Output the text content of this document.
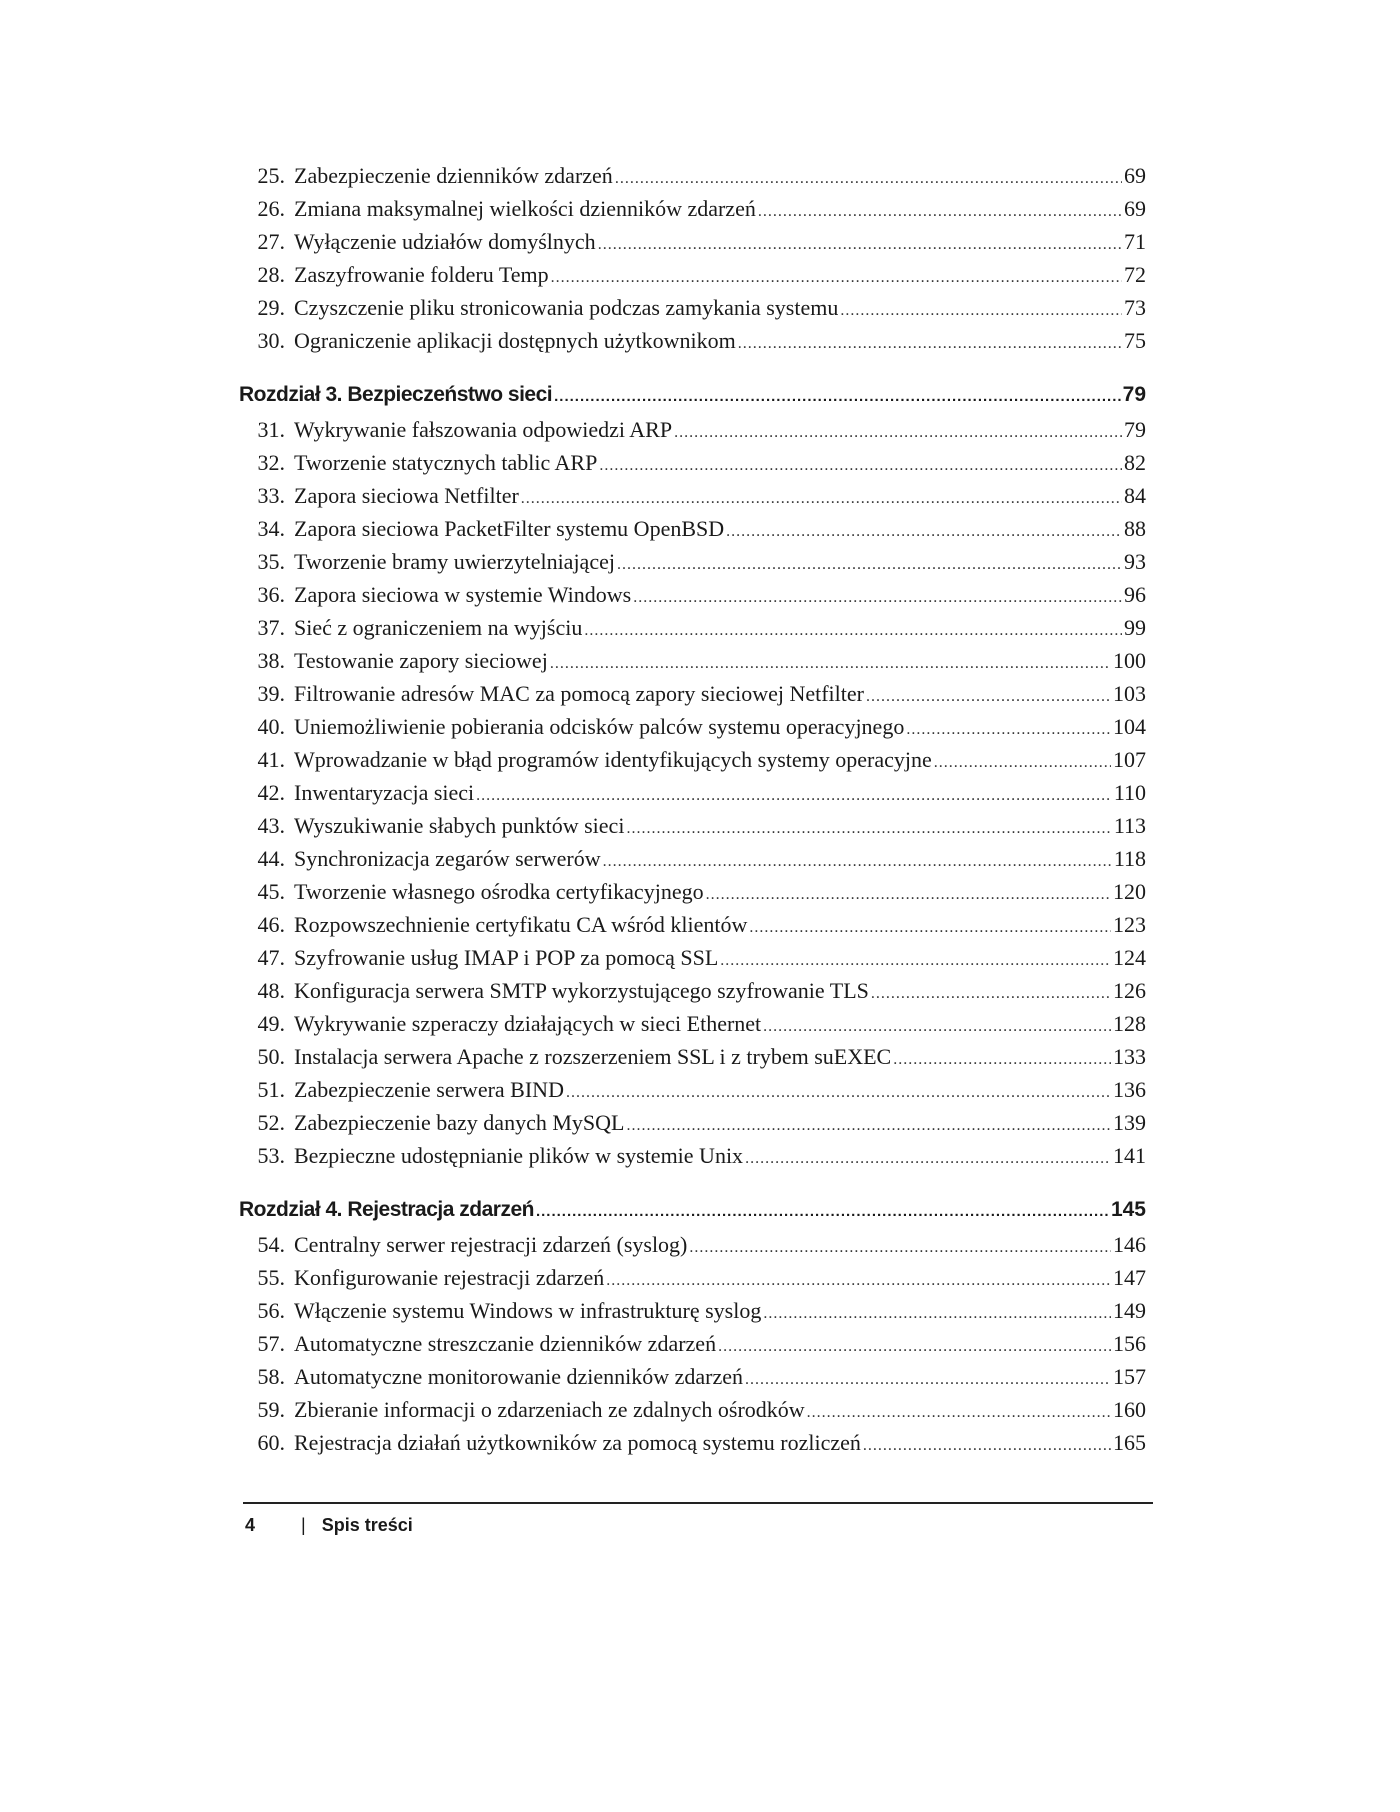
25. Zabezpieczenie dzienników zdarzeń .....	69
26. Zmiana maksymalnej wielkości dzienników zdarzeń .....	69
27. Wyłączenie udziałów domyślnych .....	71
28. Zaszyfrowanie folderu Temp .....	72
29. Czyszczenie pliku stronicowania podczas zamykania systemu .....	73
30. Ograniczenie aplikacji dostępnych użytkownikom .....	75
Rozdział 3. Bezpieczeństwo sieci .....	79
31. Wykrywanie fałszowania odpowiedzi ARP .....	79
32. Tworzenie statycznych tablic ARP .....	82
33. Zapora sieciowa Netfilter .....	84
34. Zapora sieciowa PacketFilter systemu OpenBSD .....	88
35. Tworzenie bramy uwierzytelniającej .....	93
36. Zapora sieciowa w systemie Windows .....	96
37. Sieć z ograniczeniem na wyjściu .....	99
38. Testowanie zapory sieciowej .....	100
39. Filtrowanie adresów MAC za pomocą zapory sieciowej Netfilter .....	103
40. Uniemożliwienie pobierania odcisków palców systemu operacyjnego .....	104
41. Wprowadzanie w błąd programów identyfikujących systemy operacyjne .....	107
42. Inwentaryzacja sieci .....	110
43. Wyszukiwanie słabych punktów sieci .....	113
44. Synchronizacja zegarów serwerów .....	118
45. Tworzenie własnego ośrodka certyfikacyjnego .....	120
46. Rozpowszechnienie certyfikatu CA wśród klientów .....	123
47. Szyfrowanie usług IMAP i POP za pomocą SSL .....	124
48. Konfiguracja serwera SMTP wykorzystującego szyfrowanie TLS .....	126
49. Wykrywanie szperaczy działających w sieci Ethernet .....	128
50. Instalacja serwera Apache z rozszerzeniem SSL i z trybem suEXEC .....	133
51. Zabezpieczenie serwera BIND .....	136
52. Zabezpieczenie bazy danych MySQL .....	139
53. Bezpieczne udostępnianie plików w systemie Unix .....	141
Rozdział 4. Rejestracja zdarzeń .....	145
54. Centralny serwer rejestracji zdarzeń (syslog) .....	146
55. Konfigurowanie rejestracji zdarzeń .....	147
56. Włączenie systemu Windows w infrastrukturę syslog .....	149
57. Automatyczne streszczanie dzienników zdarzeń .....	156
58. Automatyczne monitorowanie dzienników zdarzeń .....	157
59. Zbieranie informacji o zdarzeniach ze zdalnych ośrodków .....	160
60. Rejestracja działań użytkowników za pomocą systemu rozliczeń .....	165
4	| Spis treści
